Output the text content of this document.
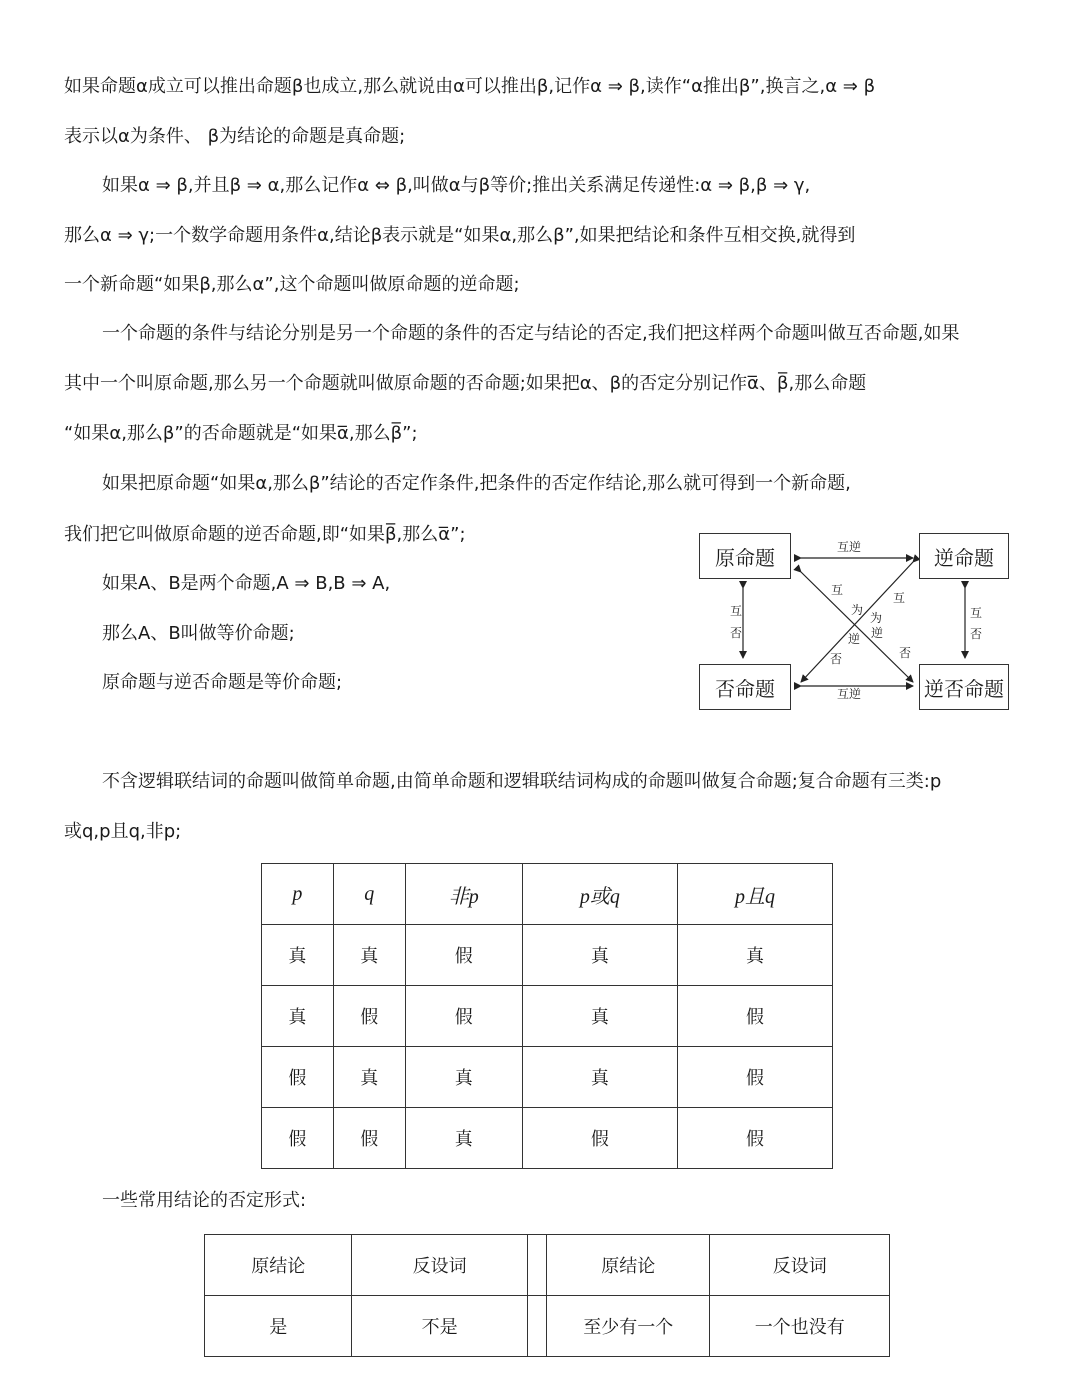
如果命题α成立可以推出命题β也成立,那么就说由α可以推出β,记作α ⇒ β,读作“α推出β”,换言之,α ⇒ β

表示以α为条件、 β为结论的命题是真命题;

如果α ⇒ β,并且β ⇒ α,那么记作α ⇔ β,叫做α与β等价;推出关系满足传递性:α ⇒ β,β ⇒ γ,

那么α ⇒ γ;一个数学命题用条件α,结论β表示就是“如果α,那么β”,如果把结论和条件互相交换,就得到

一个新命题“如果β,那么α”,这个命题叫做原命题的逆命题;

一个命题的条件与结论分别是另一个命题的条件的否定与结论的否定,我们把这样两个命题叫做互否命题,如果

其中一个叫原命题,那么另一个命题就叫做原命题的否命题;如果把α、β的否定分别记作α̅、β̅,那么命题

“如果α,那么β”的否命题就是“如果α̅,那么β̅”;

如果把原命题“如果α,那么β”结论的否定作条件,把条件的否定作结论,那么就可得到一个新命题,

我们把它叫做原命题的逆否命题,即“如果β̅,那么α̅”;

如果A、B是两个命题,A ⇒ B,B ⇒ A,

那么A、B叫做等价命题;

原命题与逆否命题是等价命题;

不含逻辑联结词的命题叫做简单命题,由简单命题和逻辑联结词构成的命题叫做复合命题;复合命题有三类:p

或q,p且q,非p;

一些常用结论的否定形式:

原命题	逆命题
否命题	逆否命题
互逆
互逆
互
否
互
否
互
为
逆
否
互
为
逆
否
p	q	非p	p或q	p且q
真	真	假	真	真
真	假	假	真	假
假	真	真	真	假
假	假	真	假	假
原结论	反设词		原结论	反设词
是	不是		至少有一个	一个也没有
